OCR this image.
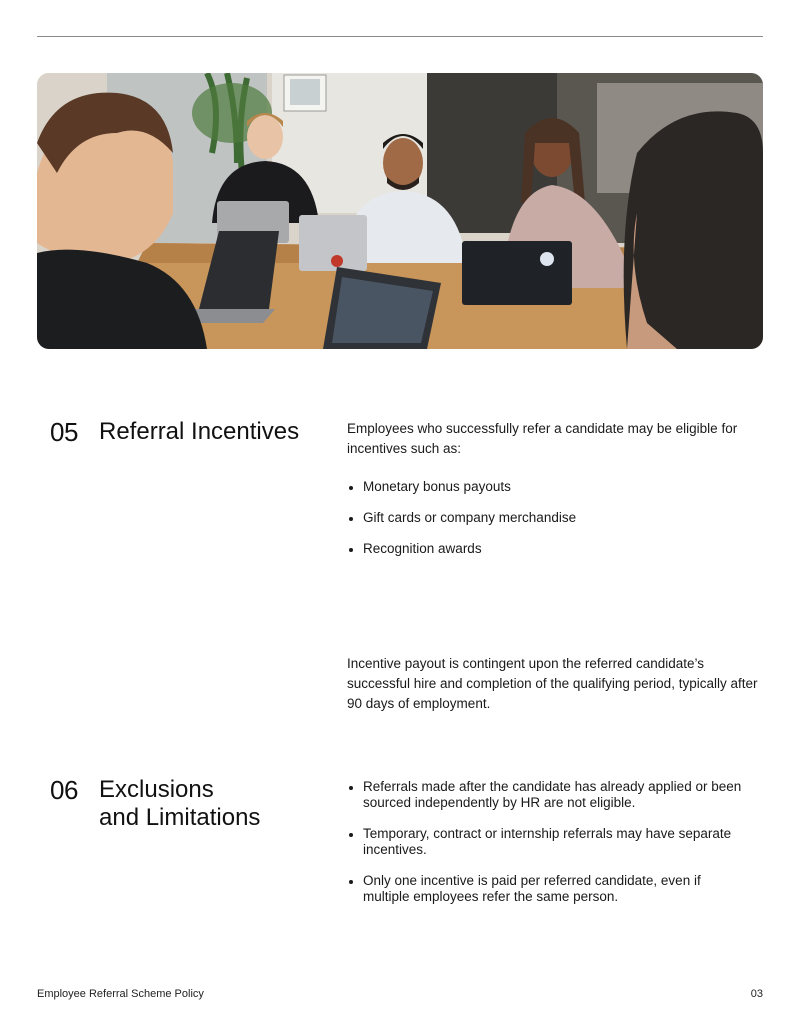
05 Referral Incentives	Employees who successfully refer a candidate may be eligible for incentives such as:
Monetary bonus payouts
Gift cards or company merchandise
Recognition awards
Incentive payout is contingent upon the referred candidate’s successful hire and completion of the qualifying period, typically after 90 days of employment.
06 Exclusions
and Limitations
Referrals made after the candidate has already applied or been sourced independently by HR are not eligible.
Temporary, contract or internship referrals may have separate incentives.
Only one incentive is paid per referred candidate, even if multiple employees refer the same person.
Employee Referral Scheme Policy	03
